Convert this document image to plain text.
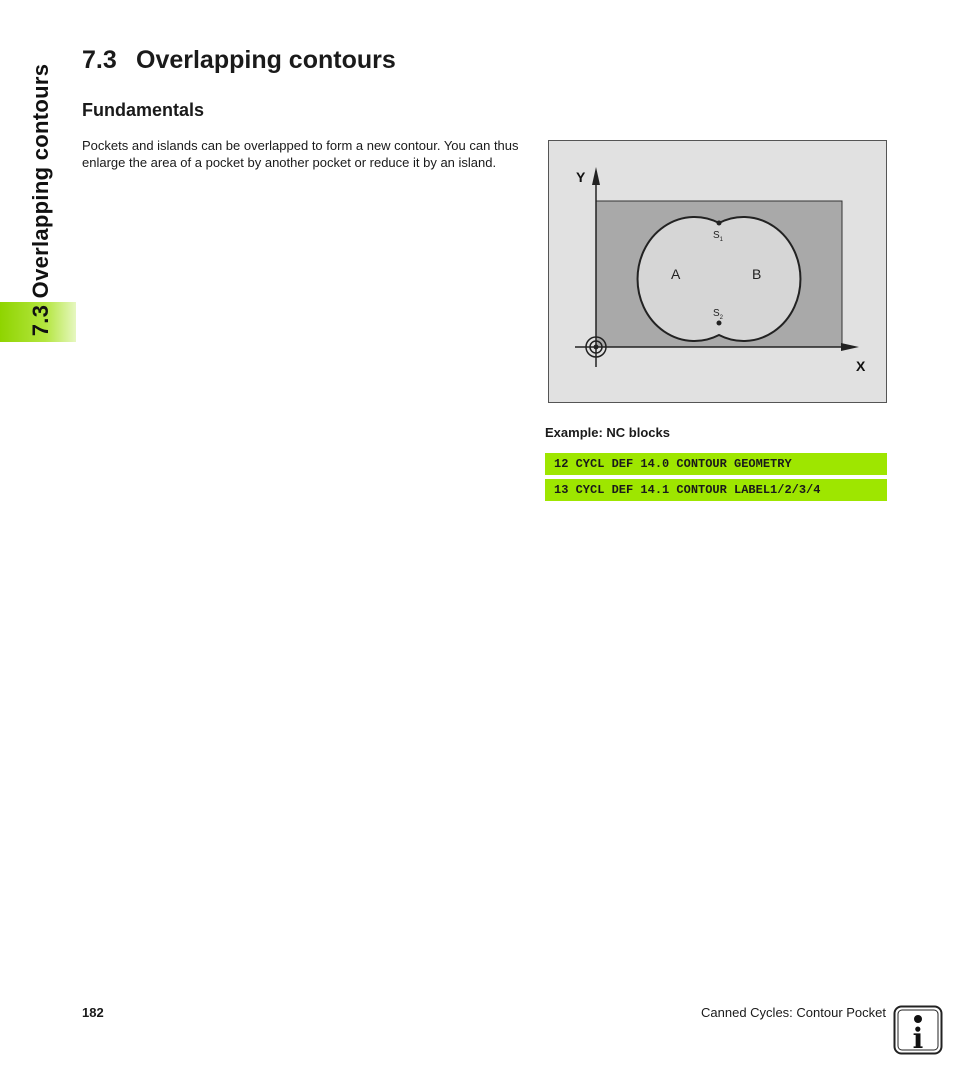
7.3 Overlapping contours
7.3 Overlapping contours
Fundamentals

Pockets and islands can be overlapped to form a new contour. You can thus enlarge the area of a pocket by another pocket or reduce it by an island.

Y
X
A	B
$S_1$
$S_2$

Example: NC blocks

12 CYCL DEF 14.0 CONTOUR GEOMETRY
13 CYCL DEF 14.1 CONTOUR LABEL1/2/3/4
182	Canned Cycles: Contour Pocket
i
